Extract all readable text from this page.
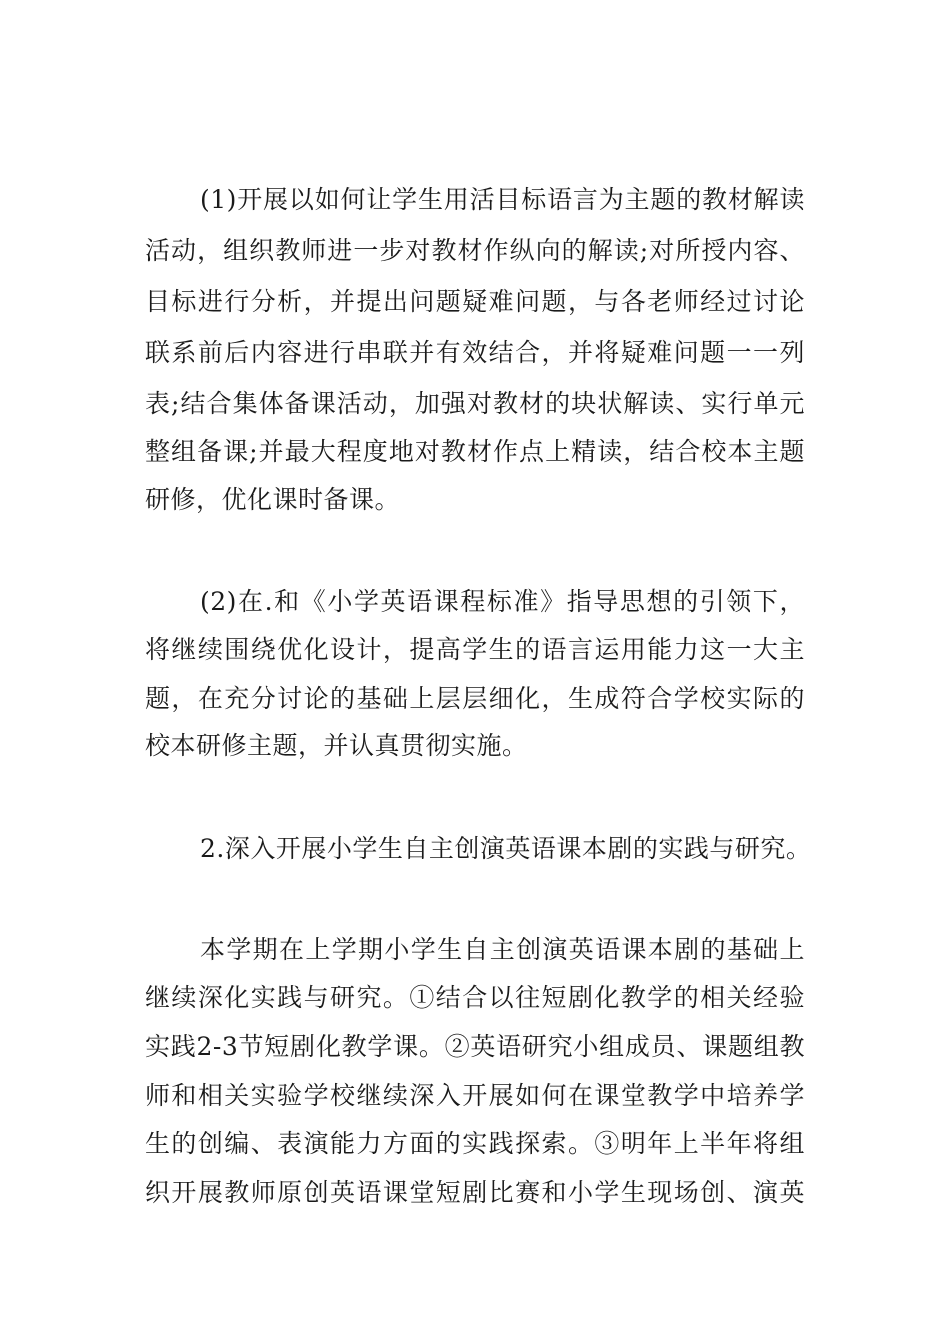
(1)开展以如何让学生用活目标语言为主题的教材解读
活动，组织教师进一步对教材作纵向的解读;对所授内容、
目标进行分析，并提出问题疑难问题，与各老师经过讨论
联系前后内容进行串联并有效结合，并将疑难问题一一列
表;结合集体备课活动，加强对教材的块状解读、实行单元
整组备课;并最大程度地对教材作点上精读，结合校本主题
研修，优化课时备课。
(2)在.和《小学英语课程标准》指导思想的引领下，
将继续围绕优化设计，提高学生的语言运用能力这一大主
题，在充分讨论的基础上层层细化，生成符合学校实际的
校本研修主题，并认真贯彻实施。
2.深入开展小学生自主创演英语课本剧的实践与研究。
本学期在上学期小学生自主创演英语课本剧的基础上
继续深化实践与研究。①结合以往短剧化教学的相关经验
实践2-3节短剧化教学课。②英语研究小组成员、课题组教
师和相关实验学校继续深入开展如何在课堂教学中培养学
生的创编、表演能力方面的实践探索。③明年上半年将组
织开展教师原创英语课堂短剧比赛和小学生现场创、演英
